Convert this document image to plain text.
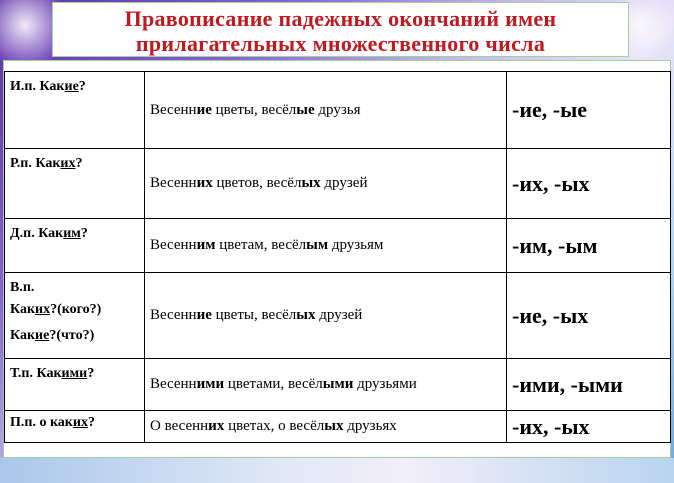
Правописание падежных окончаний имен
прилагательных множественного числа
И.п. Какие?	Весенние цветы, весёлые друзья	-ие, -ые
Р.п. Каких?	Весенних цветов, весёлых друзей	-их, -ых
Д.п. Каким?	Весенним цветам, весёлым друзьям	-им, -ым

В.п.
Каких?(кого?)
Какие?(что?)	Весенние цветы, весёлых друзей	-ие, -ых
Т.п. Какими?	Весенними цветами, весёлыми друзьями	-ими, -ыми
П.п. о каких?	О весенних цветах, о весёлых друзьях	-их, -ых
